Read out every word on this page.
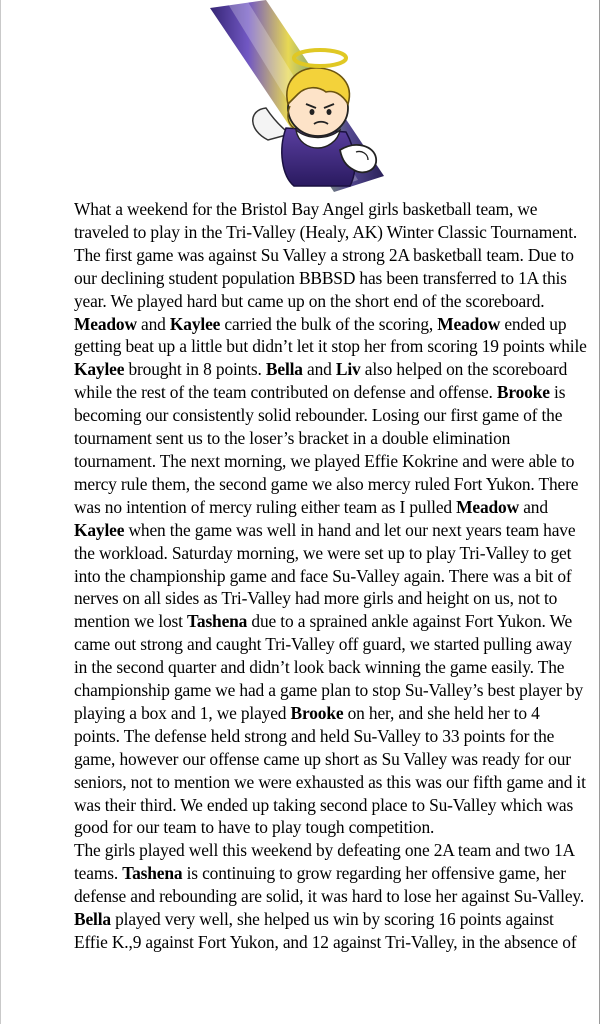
What a weekend for the Bristol Bay Angel girls basketball team, we traveled to play in the Tri-Valley (Healy, AK) Winter Classic Tournament. The first game was against Su Valley a strong 2A basketball team. Due to our declining student population BBBSD has been transferred to 1A this year. We played hard but came up on the short end of the scoreboard. Meadow and Kaylee carried the bulk of the scoring, Meadow ended up getting beat up a little but didn’t let it stop her from scoring 19 points while Kaylee brought in 8 points. Bella and Liv also helped on the scoreboard while the rest of the team contributed on defense and offense. Brooke is becoming our consistently solid rebounder. Losing our first game of the tournament sent us to the loser’s bracket in a double elimination tournament. The next morning, we played Effie Kokrine and were able to mercy rule them, the second game we also mercy ruled Fort Yukon. There was no intention of mercy ruling either team as I pulled Meadow and Kaylee when the game was well in hand and let our next years team have the workload. Saturday morning, we were set up to play Tri-Valley to get into the championship game and face Su-Valley again. There was a bit of nerves on all sides as Tri-Valley had more girls and height on us, not to mention we lost Tashena due to a sprained ankle against Fort Yukon. We came out strong and caught Tri-Valley off guard, we started pulling away in the second quarter and didn’t look back winning the game easily. The championship game we had a game plan to stop Su-Valley’s best player by playing a box and 1, we played Brooke on her, and she held her to 4 points. The defense held strong and held Su-Valley to 33 points for the game, however our offense came up short as Su Valley was ready for our seniors, not to mention we were exhausted as this was our fifth game and it was their third. We ended up taking second place to Su-Valley which was good for our team to have to play tough competition.

The girls played well this weekend by defeating one 2A team and two 1A teams. Tashena is continuing to grow regarding her offensive game, her defense and rebounding are solid, it was hard to lose her against Su-Valley. Bella played very well, she helped us win by scoring 16 points against Effie K.,9 against Fort Yukon, and 12 against Tri-Valley, in the absence of
